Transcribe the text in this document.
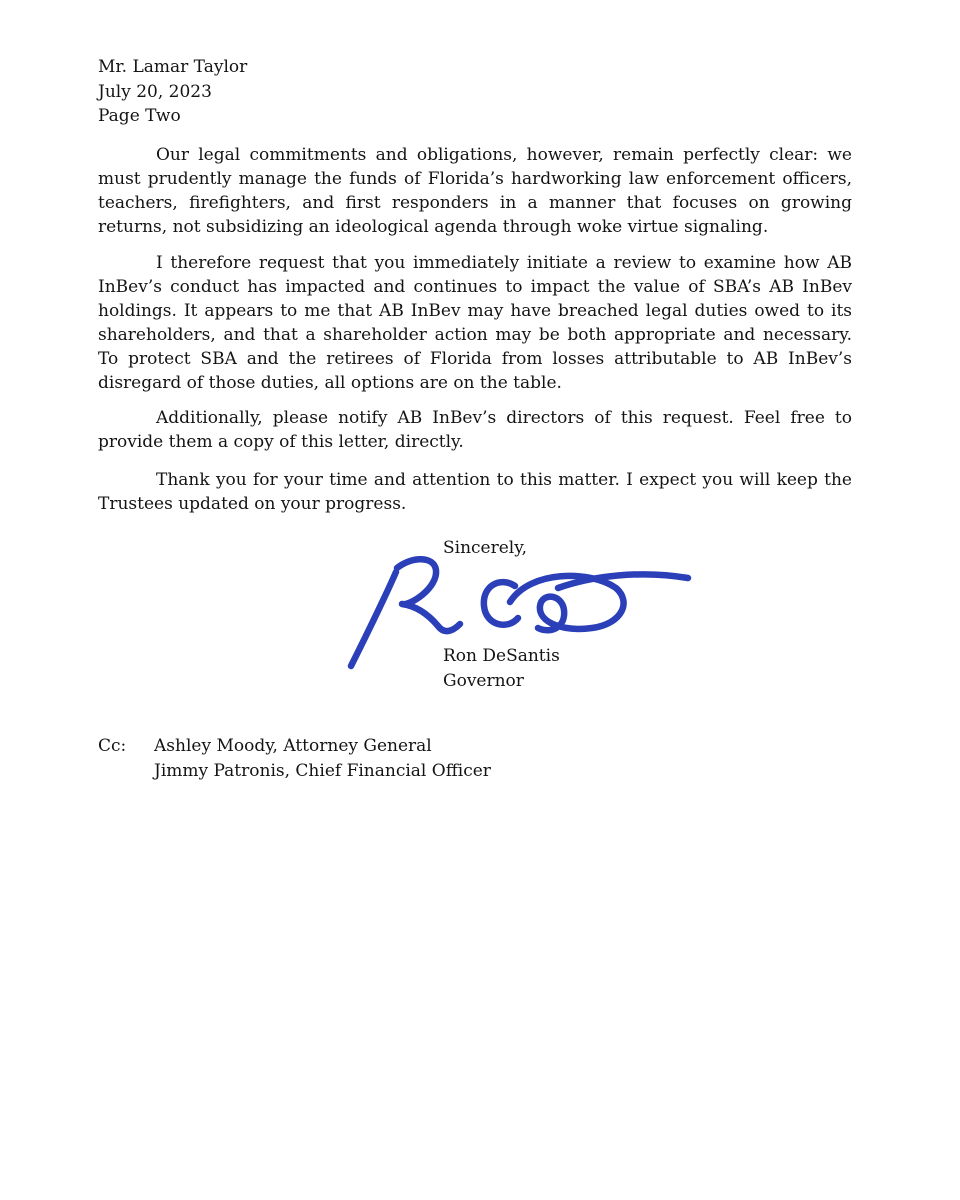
Mr. Lamar Taylor
July 20, 2023
Page Two

Our legal commitments and obligations, however, remain perfectly clear: we must prudently manage the funds of Florida’s hardworking law enforcement officers, teachers, firefighters, and first responders in a manner that focuses on growing returns, not subsidizing an ideological agenda through woke virtue signaling.

I therefore request that you immediately initiate a review to examine how AB InBev’s conduct has impacted and continues to impact the value of SBA’s AB InBev holdings. It appears to me that AB InBev may have breached legal duties owed to its shareholders, and that a shareholder action may be both appropriate and necessary. To protect SBA and the retirees of Florida from losses attributable to AB InBev’s disregard of those duties, all options are on the table.

Additionally, please notify AB InBev’s directors of this request. Feel free to provide them a copy of this letter, directly.

Thank you for your time and attention to this matter. I expect you will keep the Trustees updated on your progress.

Sincerely,
Ron DeSantis
Governor
Cc: Ashley Moody, Attorney General
Jimmy Patronis, Chief Financial Officer
